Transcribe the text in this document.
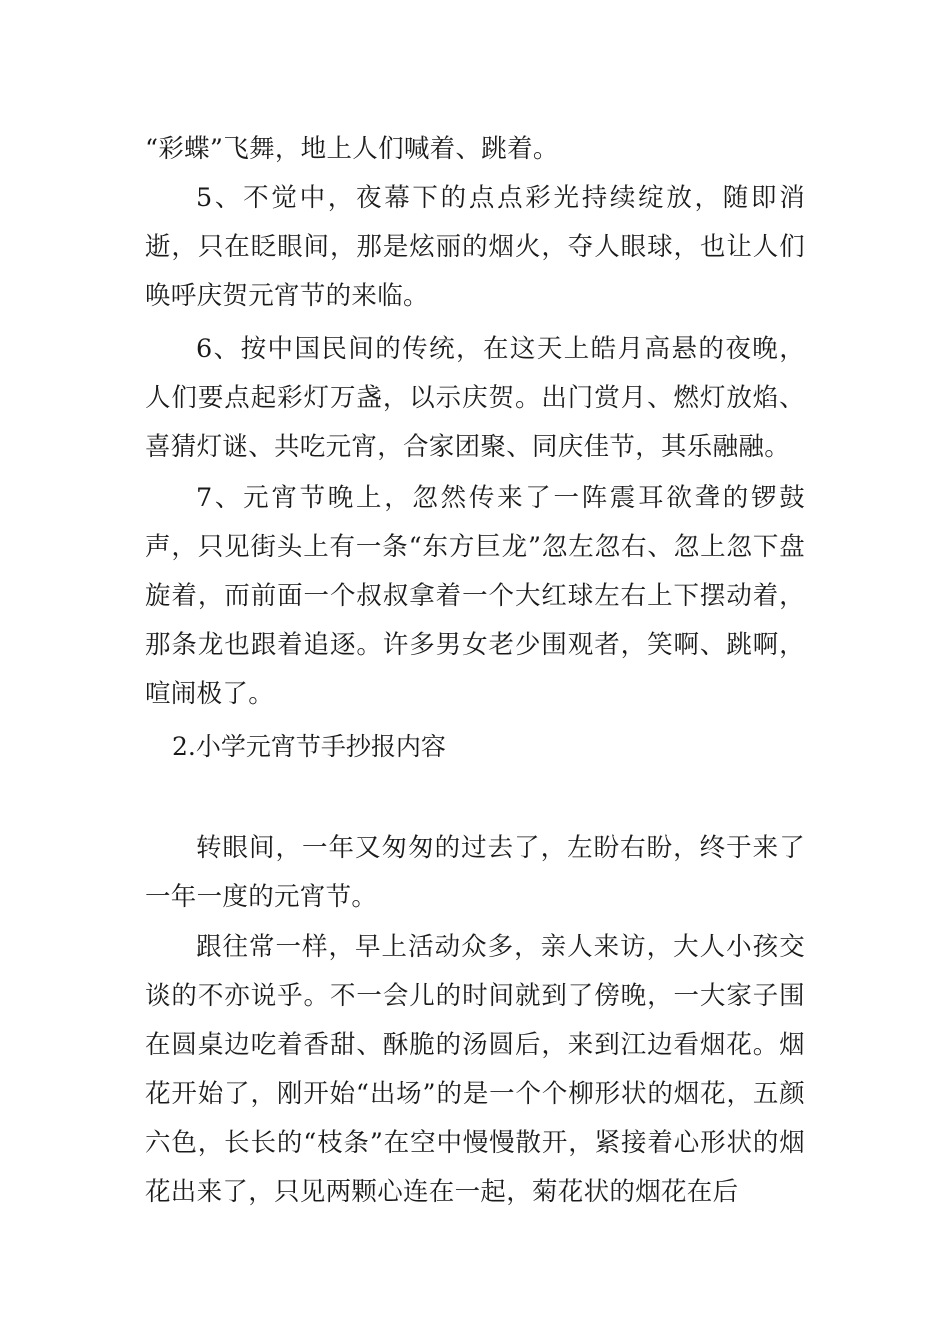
“彩蝶”飞舞，地上人们喊着、跳着。

5、不觉中，夜幕下的点点彩光持续绽放，随即消逝，只在眨眼间，那是炫丽的烟火，夺人眼球，也让人们唤呼庆贺元宵节的来临。

6、按中国民间的传统，在这天上皓月高悬的夜晚，人们要点起彩灯万盏，以示庆贺。出门赏月、燃灯放焰、喜猜灯谜、共吃元宵，合家团聚、同庆佳节，其乐融融。

7、元宵节晚上，忽然传来了一阵震耳欲聋的锣鼓声，只见街头上有一条“东方巨龙”忽左忽右、忽上忽下盘旋着，而前面一个叔叔拿着一个大红球左右上下摆动着，那条龙也跟着追逐。许多男女老少围观者，笑啊、跳啊，喧闹极了。

2.小学元宵节手抄报内容

转眼间，一年又匆匆的过去了，左盼右盼，终于来了一年一度的元宵节。

跟往常一样，早上活动众多，亲人来访，大人小孩交谈的不亦说乎。不一会儿的时间就到了傍晚，一大家子围在圆桌边吃着香甜、酥脆的汤圆后，来到江边看烟花。烟花开始了，刚开始“出场”的是一个个柳形状的烟花，五颜六色，长长的“枝条”在空中慢慢散开，紧接着心形状的烟花出来了，只见两颗心连在一起，菊花状的烟花在后
